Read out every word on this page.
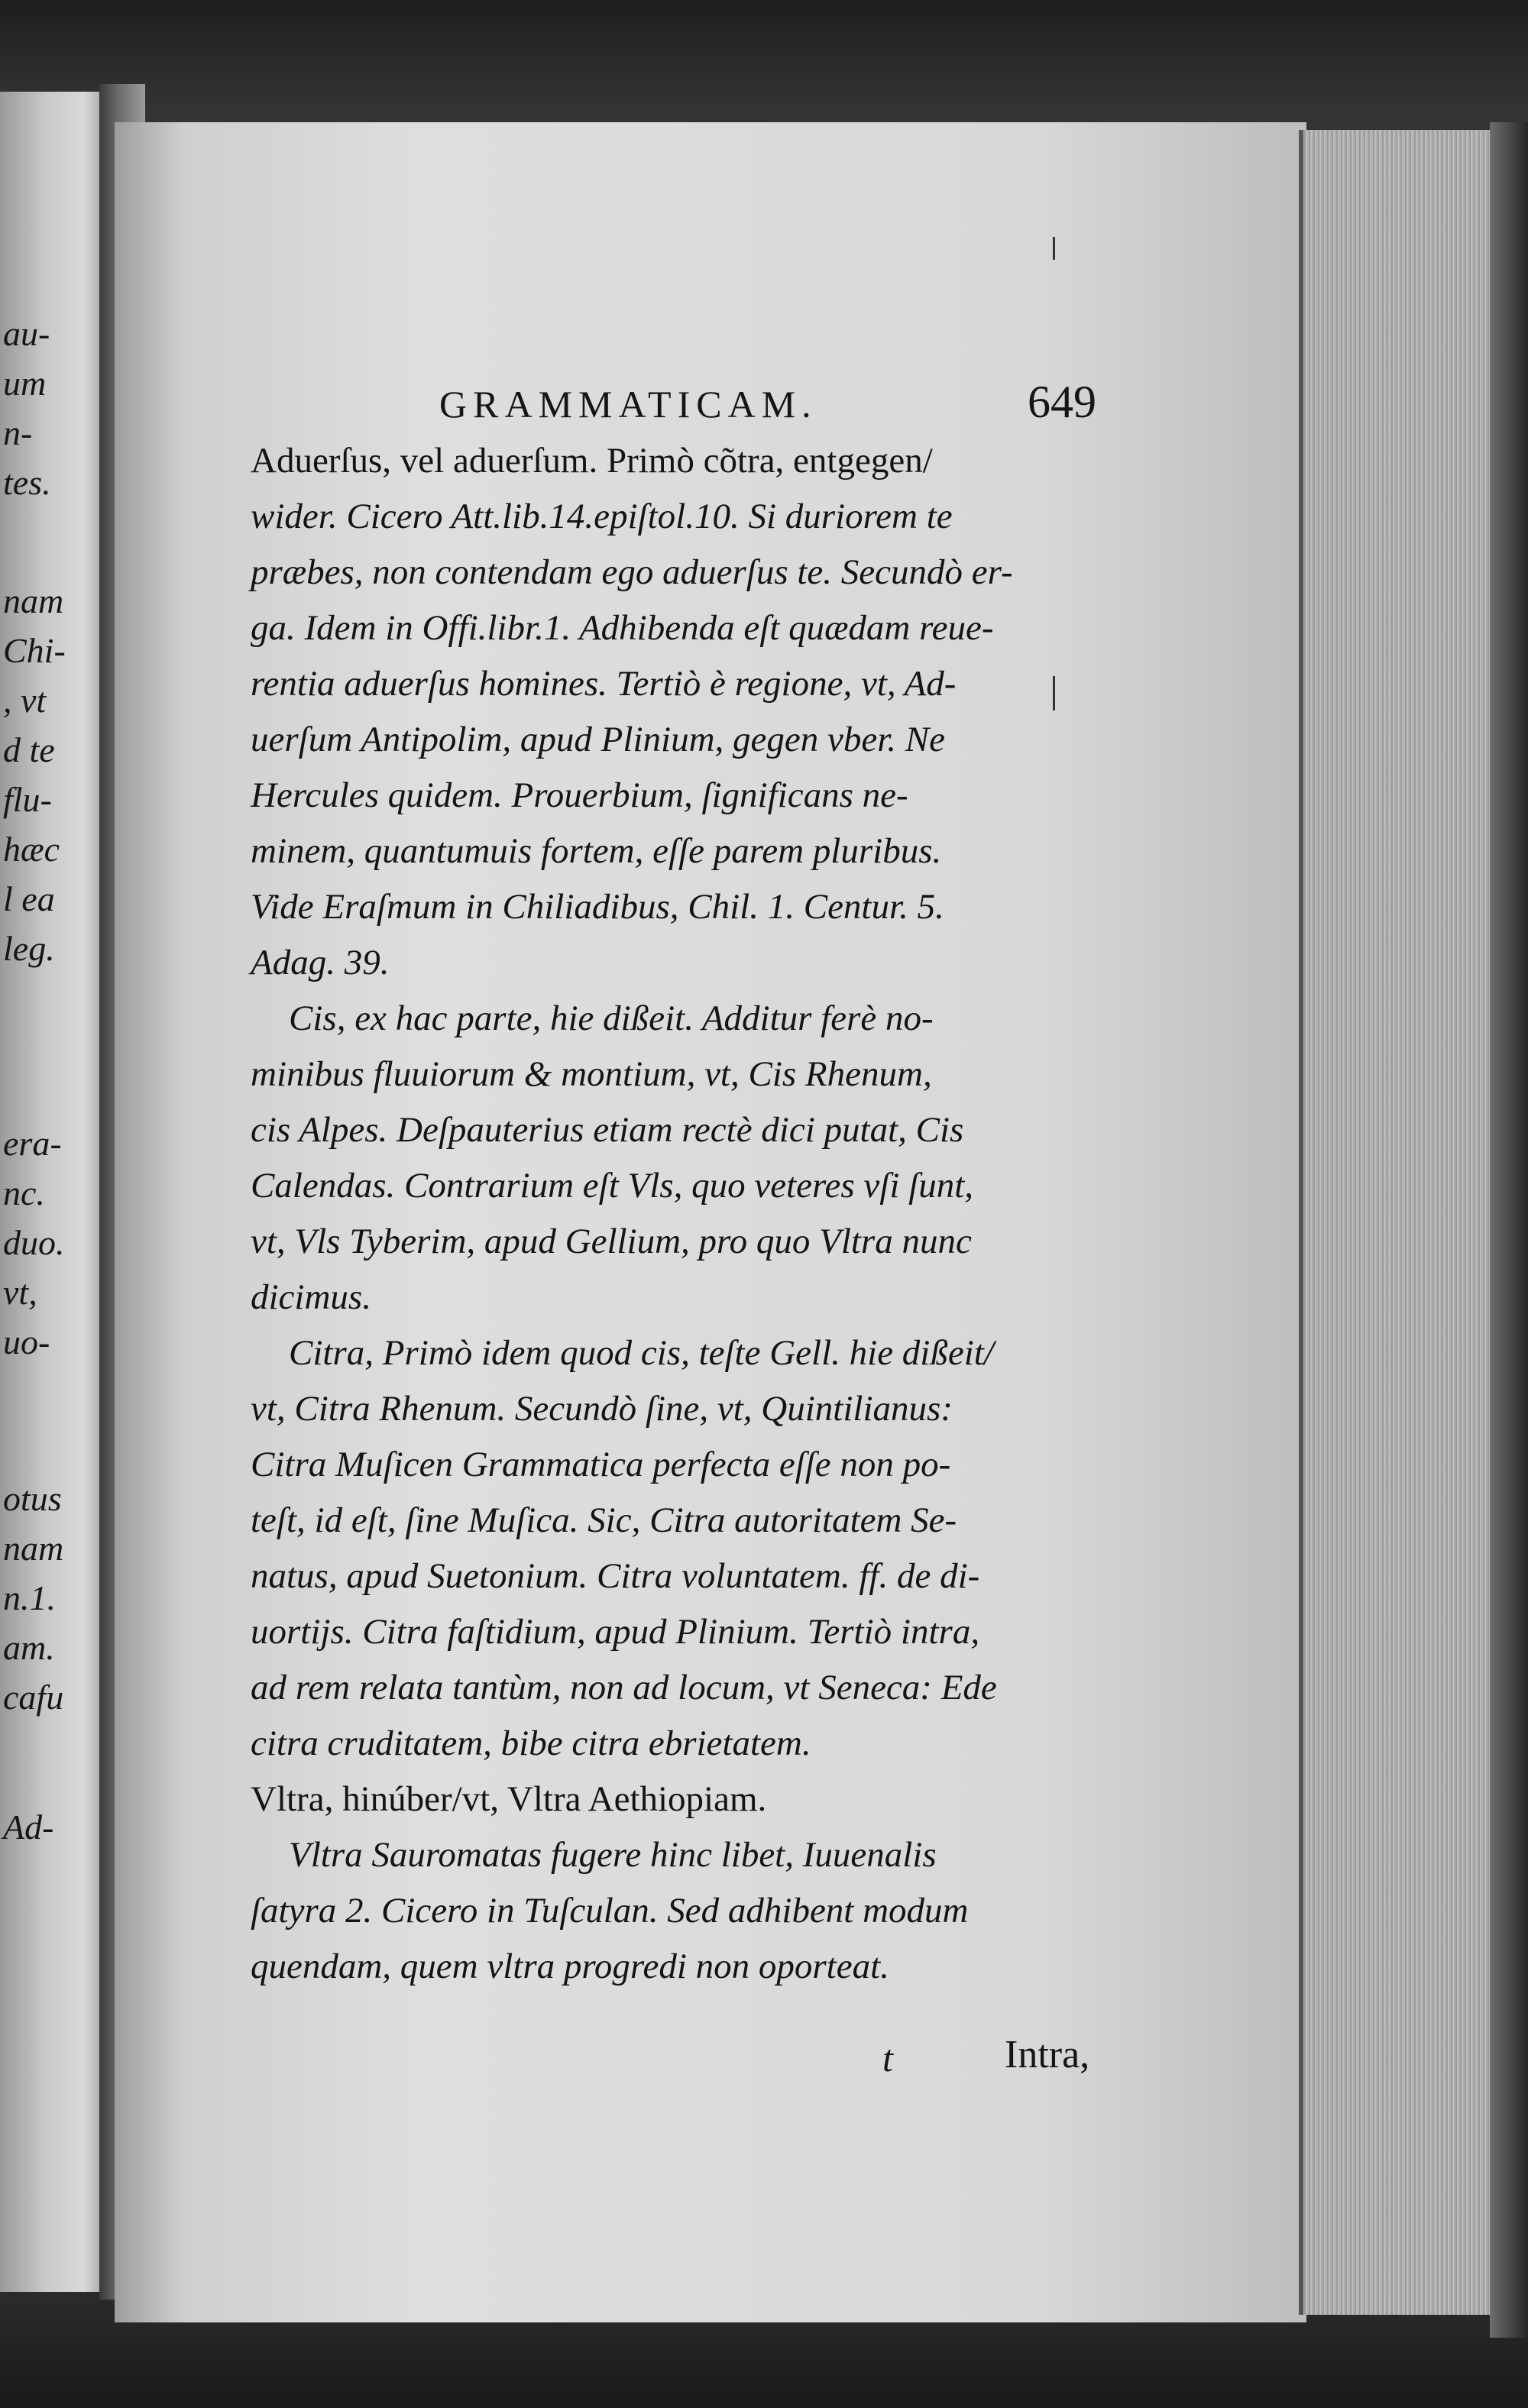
au-
um
n-
tes.
nam
Chi-
, vt
d te
flu-
hæc
l ea
leg.
era-
nc.
duo.
vt,
uo-
otus
nam
n.1.
am.
cafu
Ad-
GRAMMATICAM.	649
Aduerſus, vel aduerſum. Primò cõtra, entgegen/
wider. Cicero Att.lib.14.epiſtol.10. Si duriorem te
præbes, non contendam ego aduerſus te. Secundò er-
ga. Idem in Offi.libr.1. Adhibenda eſt quædam reue-
rentia aduerſus homines. Tertiò è regione, vt, Ad-
uerſum Antipolim, apud Plinium, gegen vber. Ne
Hercules quidem. Prouerbium, ſignificans ne-
minem, quantumuis fortem, eſſe parem pluribus.
Vide Eraſmum in Chiliadibus, Chil. 1. Centur. 5.
Adag. 39.
Cis, ex hac parte, hie dißeit. Additur ferè no-
minibus fluuiorum & montium, vt, Cis Rhenum,
cis Alpes. Deſpauterius etiam rectè dici putat, Cis
Calendas. Contrarium eſt Vls, quo veteres vſi ſunt,
vt, Vls Tyberim, apud Gellium, pro quo Vltra nunc
dicimus.
Citra, Primò idem quod cis, teſte Gell. hie dißeit/
vt, Citra Rhenum. Secundò ſine, vt, Quintilianus:
Citra Muſicen Grammatica perfecta eſſe non po-
teſt, id eſt, ſine Muſica. Sic, Citra autoritatem Se-
natus, apud Suetonium. Citra voluntatem. ff. de di-
uortijs. Citra faſtidium, apud Plinium. Tertiò intra,
ad rem relata tantùm, non ad locum, vt Seneca: Ede
citra cruditatem, bibe citra ebrietatem.
Vltra, hinúber/vt, Vltra Aethiopiam.
Vltra Sauromatas fugere hinc libet, Iuuenalis
ſatyra 2. Cicero in Tuſculan. Sed adhibent modum
quendam, quem vltra progredi non oporteat.
t	Intra,
